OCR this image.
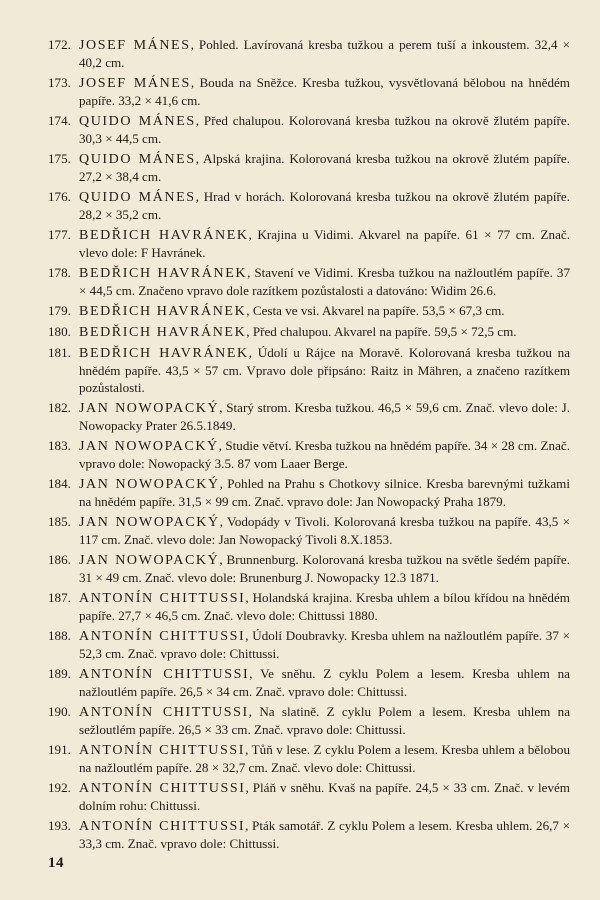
172. JOSEF MÁNES, Pohled. Lavírovaná kresba tužkou a perem tuší a inkoustem. 32,4 × 40,2 cm.
173. JOSEF MÁNES, Bouda na Sněžce. Kresba tužkou, vysvětlovaná bělobou na hnědém papíře. 33,2 × 41,6 cm.
174. QUIDO MÁNES, Před chalupou. Kolorovaná kresba tužkou na okrově žlutém papíře. 30,3 × 44,5 cm.
175. QUIDO MÁNES, Alpská krajina. Kolorovaná kresba tužkou na okrově žlutém papíře. 27,2 × 38,4 cm.
176. QUIDO MÁNES, Hrad v horách. Kolorovaná kresba tužkou na okrově žlutém papíře. 28,2 × 35,2 cm.
177. BEDŘICH HAVRÁNEK, Krajina u Vidimi. Akvarel na papíře. 61 × 77 cm. Znač. vlevo dole: F Havránek.
178. BEDŘICH HAVRÁNEK, Stavení ve Vidimi. Kresba tužkou na nažloutlém papíře. 37 × 44,5 cm. Značeno vpravo dole razítkem pozůstalosti a datováno: Widim 26.6.
179. BEDŘICH HAVRÁNEK, Cesta ve vsi. Akvarel na papíře. 53,5 × 67,3 cm.
180. BEDŘICH HAVRÁNEK, Před chalupou. Akvarel na papíře. 59,5 × 72,5 cm.
181. BEDŘICH HAVRÁNEK, Údolí u Rájce na Moravě. Kolorovaná kresba tužkou na hnědém papíře. 43,5 × 57 cm. Vpravo dole připsáno: Raitz in Mähren, a značeno razítkem pozůstalosti.
182. JAN NOWOPACKÝ, Starý strom. Kresba tužkou. 46,5 × 59,6 cm. Znač. vlevo dole: J. Nowopacky Prater 26.5.1849.
183. JAN NOWOPACKÝ, Studie větví. Kresba tužkou na hnědém papíře. 34 × 28 cm. Znač. vpravo dole: Nowopacký 3.5. 87 vom Laaer Berge.
184. JAN NOWOPACKÝ, Pohled na Prahu s Chotkovy silnice. Kresba barevnými tužkami na hnědém papíře. 31,5 × 99 cm. Znač. vpravo dole: Jan Nowopacký Praha 1879.
185. JAN NOWOPACKÝ, Vodopády v Tivoli. Kolorovaná kresba tužkou na papíře. 43,5 × 117 cm. Znač. vlevo dole: Jan Nowopacký Tivoli 8.X.1853.
186. JAN NOWOPACKÝ, Brunnenburg. Kolorovaná kresba tužkou na světle šedém papíře. 31 × 49 cm. Znač. vlevo dole: Brunenburg J. Nowopacky 12.3 1871.
187. ANTONÍN CHITTUSSI, Holandská krajina. Kresba uhlem a bílou křídou na hnědém papíře. 27,7 × 46,5 cm. Znač. vlevo dole: Chittussi 1880.
188. ANTONÍN CHITTUSSI, Údolí Doubravky. Kresba uhlem na nažloutlém papíře. 37 × 52,3 cm. Znač. vpravo dole: Chittussi.
189. ANTONÍN CHITTUSSI, Ve sněhu. Z cyklu Polem a lesem. Kresba uhlem na nažloutlém papíře. 26,5 × 34 cm. Znač. vpravo dole: Chittussi.
190. ANTONÍN CHITTUSSI, Na slatině. Z cyklu Polem a lesem. Kresba uhlem na sežloutlém papíře. 26,5 × 33 cm. Znač. vpravo dole: Chittussi.
191. ANTONÍN CHITTUSSI, Tůň v lese. Z cyklu Polem a lesem. Kresba uhlem a bělobou na nažloutlém papíře. 28 × 32,7 cm. Znač. vlevo dole: Chittussi.
192. ANTONÍN CHITTUSSI, Pláň v sněhu. Kvaš na papíře. 24,5 × 33 cm. Znač. v levém dolním rohu: Chittussi.
193. ANTONÍN CHITTUSSI, Pták samotář. Z cyklu Polem a lesem. Kresba uhlem. 26,7 × 33,3 cm. Znač. vpravo dole: Chittussi.
14
